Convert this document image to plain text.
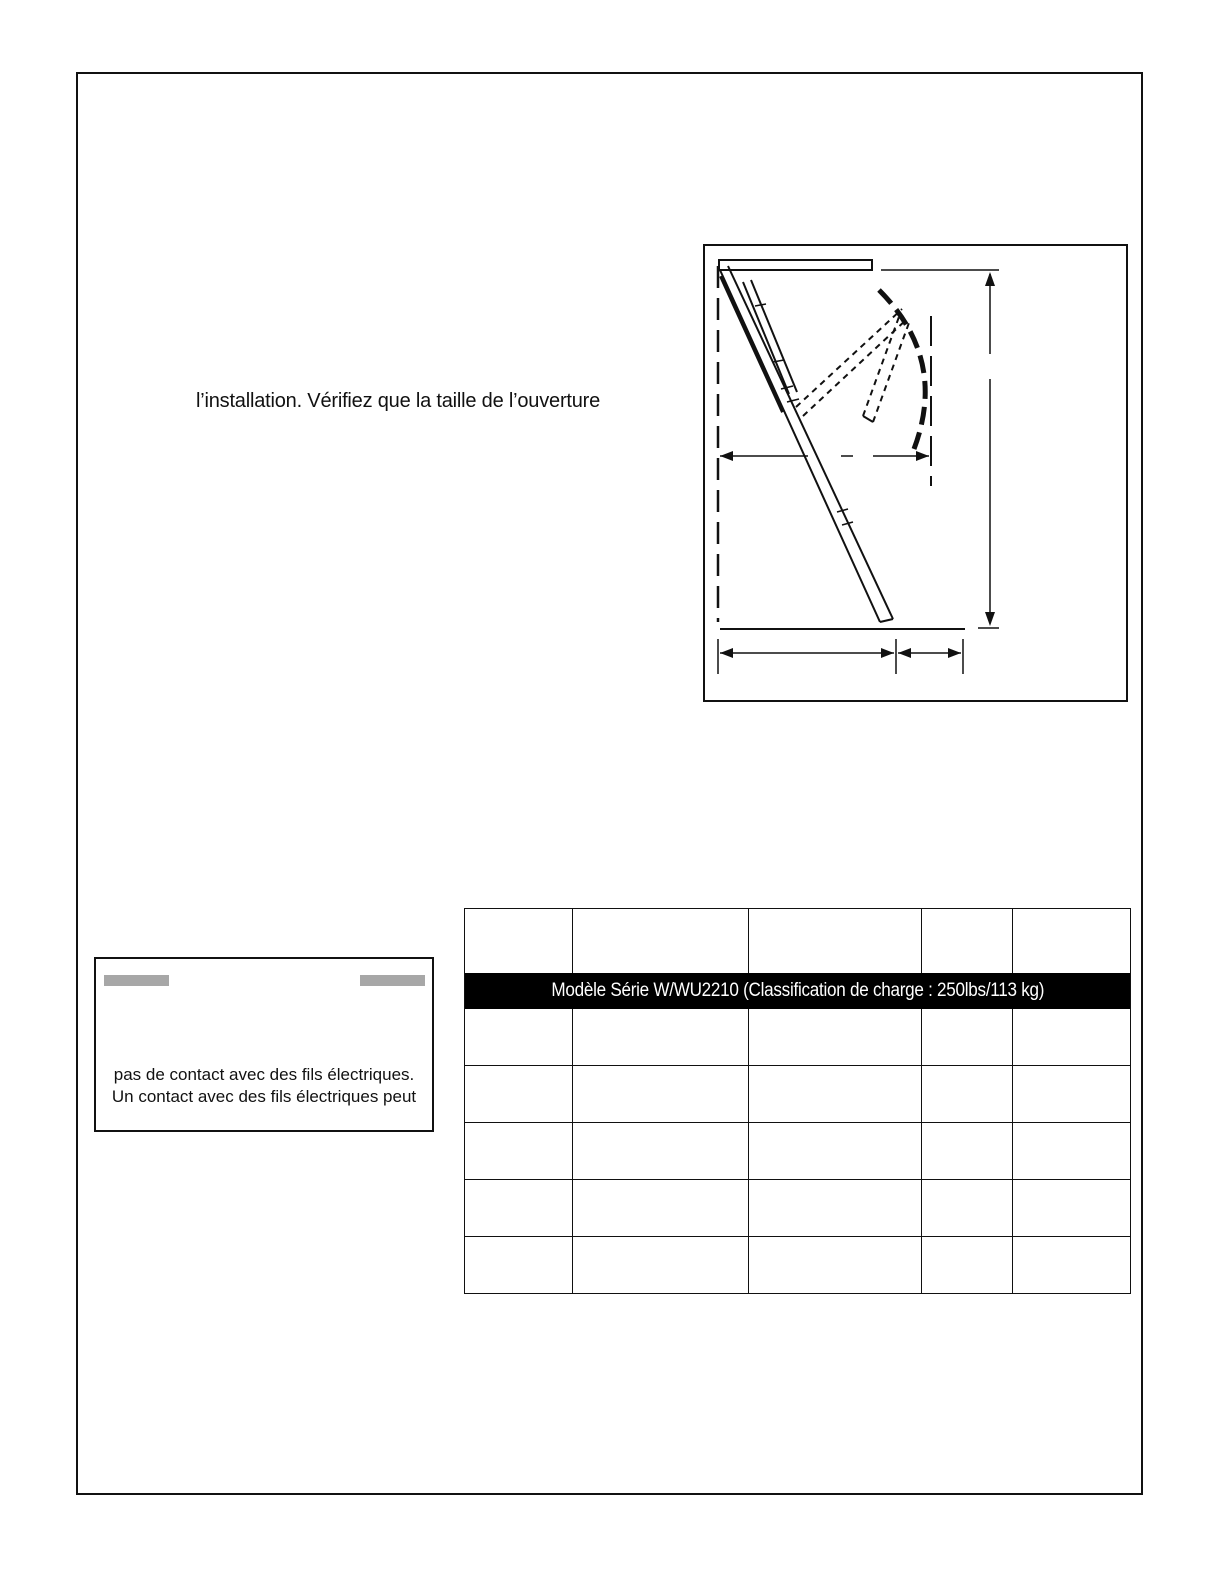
l’installation. Vérifiez que la taille de l’ouverture
pas de contact avec des fils électriques.
Un contact avec des fils électriques peut
Modèle Série W/WU2210 (Classification de charge : 250lbs/113 kg)
